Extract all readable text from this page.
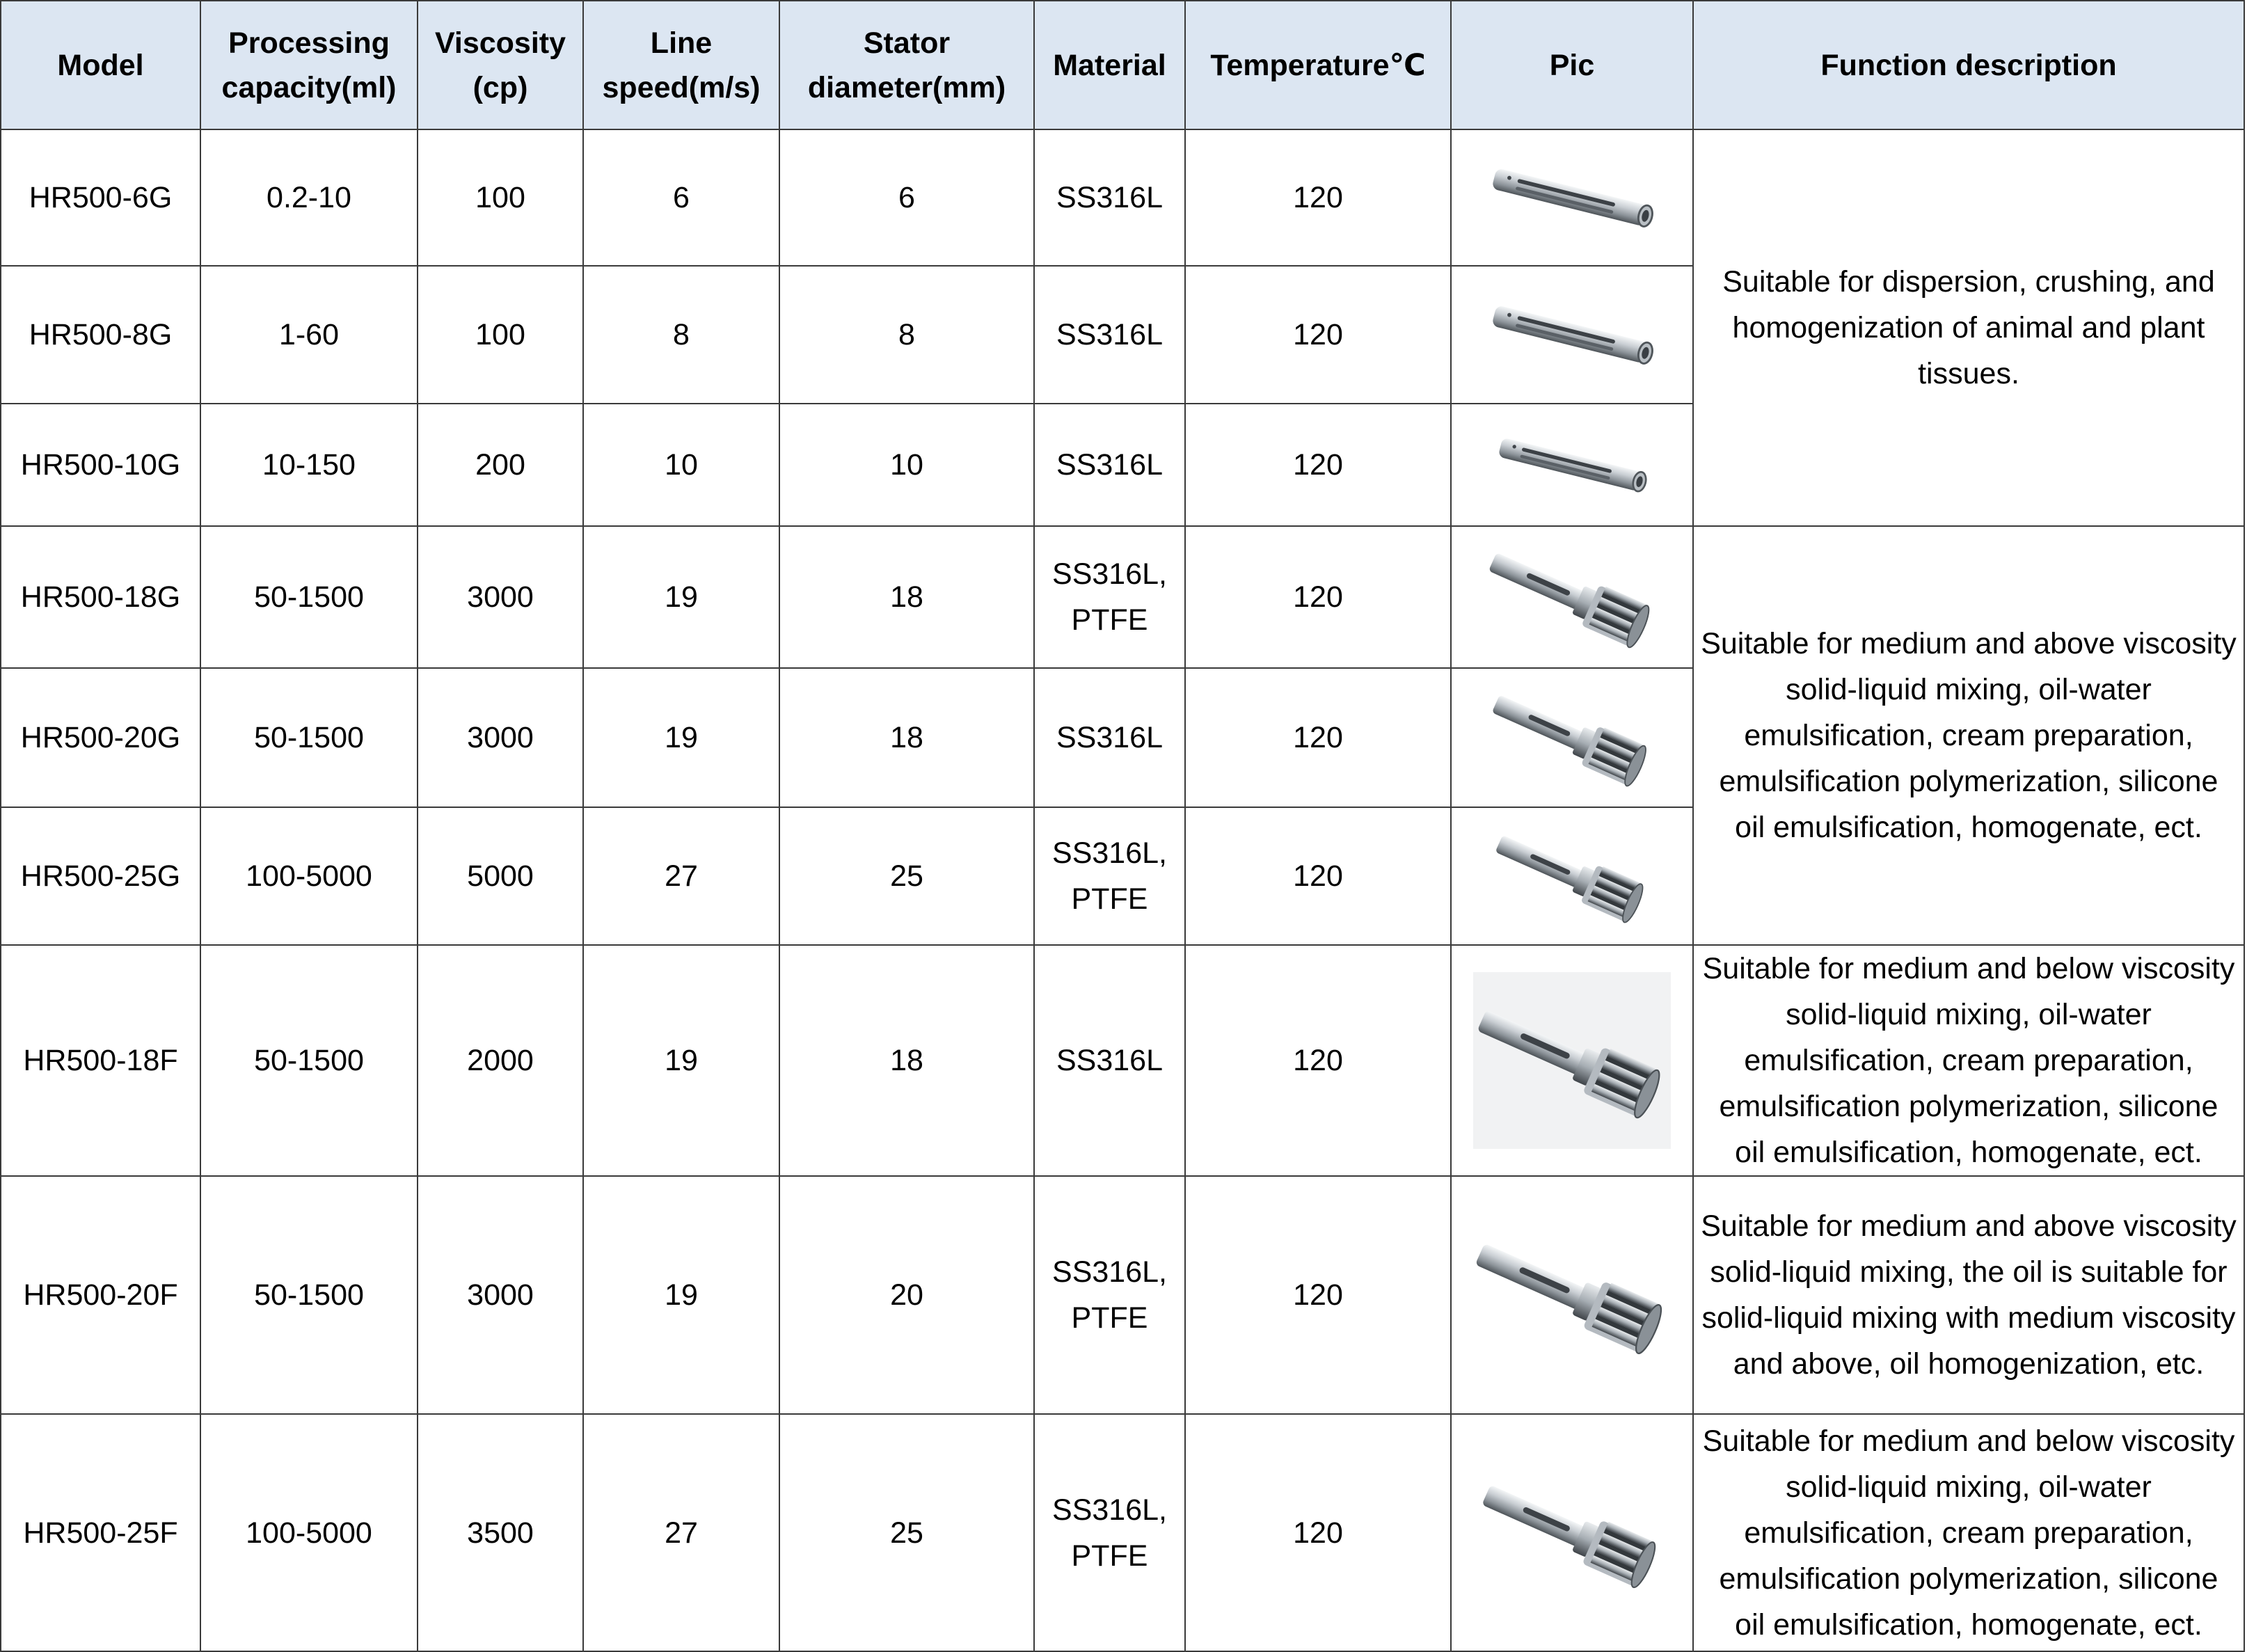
Model	Processing capacity(ml)	Viscosity (cp)	Line speed(m/s)	Stator diameter(mm)	Material	Temperature℃	Pic	Function description
HR500-6G	0.2-10	100	6	6	SS316L	120		Suitable for dispersion, crushing, and homogenization of animal and plant tissues.
HR500-8G	1-60	100	8	8	SS316L	120	

HR500-10G	10-150	200	10	10	SS316L	120	

HR500-18G	50-1500	3000	19	18	SS316L, PTFE	120		Suitable for medium and above viscosity solid-liquid mixing, oil-water emulsification, cream preparation, emulsification polymerization, silicone oil emulsification, homogenate, ect.
HR500-20G	50-1500	3000	19	18	SS316L	120	

HR500-25G	100-5000	5000	27	25	SS316L, PTFE	120	

HR500-18F	50-1500	2000	19	18	SS316L	120		Suitable for medium and below viscosity solid-liquid mixing, oil-water emulsification, cream preparation, emulsification polymerization, silicone oil emulsification, homogenate, ect.
HR500-20F	50-1500	3000	19	20	SS316L, PTFE	120		Suitable for medium and above viscosity solid-liquid mixing, the oil is suitable for solid-liquid mixing with medium viscosity and above, oil homogenization, etc.
HR500-25F	100-5000	3500	27	25	SS316L, PTFE	120		Suitable for medium and below viscosity solid-liquid mixing, oil-water emulsification, cream preparation, emulsification polymerization, silicone oil emulsification, homogenate, ect.
